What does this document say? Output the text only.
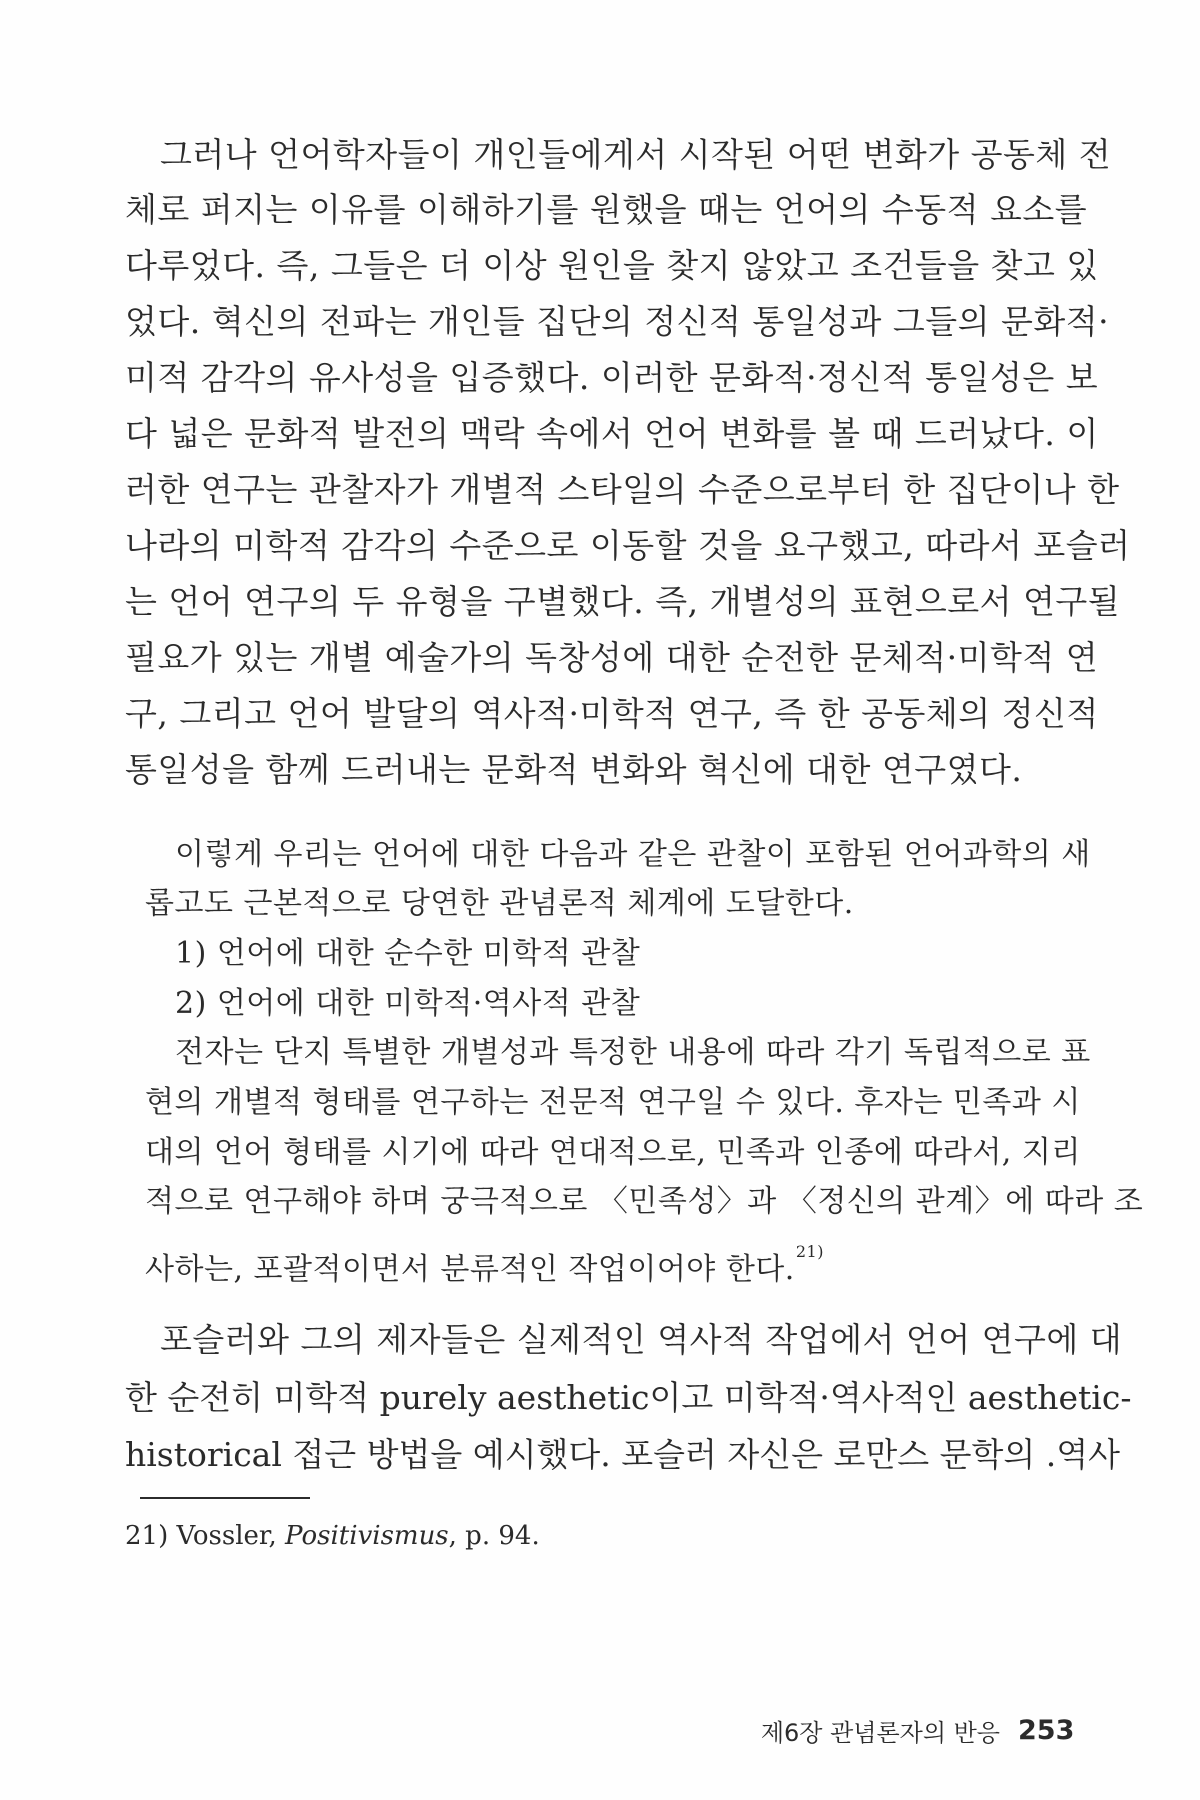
그러나 언어학자들이 개인들에게서 시작된 어떤 변화가 공동체 전
체로 퍼지는 이유를 이해하기를 원했을 때는 언어의 수동적 요소를
다루었다. 즉, 그들은 더 이상 원인을 찾지 않았고 조건들을 찾고 있
었다. 혁신의 전파는 개인들 집단의 정신적 통일성과 그들의 문화적·
미적 감각의 유사성을 입증했다. 이러한 문화적·정신적 통일성은 보
다 넓은 문화적 발전의 맥락 속에서 언어 변화를 볼 때 드러났다. 이
러한 연구는 관찰자가 개별적 스타일의 수준으로부터 한 집단이나 한
나라의 미학적 감각의 수준으로 이동할 것을 요구했고, 따라서 포슬러
는 언어 연구의 두 유형을 구별했다. 즉, 개별성의 표현으로서 연구될
필요가 있는 개별 예술가의 독창성에 대한 순전한 문체적·미학적 연
구, 그리고 언어 발달의 역사적·미학적 연구, 즉 한 공동체의 정신적
통일성을 함께 드러내는 문화적 변화와 혁신에 대한 연구였다.
이렇게 우리는 언어에 대한 다음과 같은 관찰이 포함된 언어과학의 새
롭고도 근본적으로 당연한 관념론적 체계에 도달한다.
1) 언어에 대한 순수한 미학적 관찰
2) 언어에 대한 미학적·역사적 관찰
전자는 단지 특별한 개별성과 특정한 내용에 따라 각기 독립적으로 표
현의 개별적 형태를 연구하는 전문적 연구일 수 있다. 후자는 민족과 시
대의 언어 형태를 시기에 따라 연대적으로, 민족과 인종에 따라서, 지리
적으로 연구해야 하며 궁극적으로 〈민족성〉과 〈정신의 관계〉에 따라 조
사하는, 포괄적이면서 분류적인 작업이어야 한다.$^{21)}$
포슬러와 그의 제자들은 실제적인 역사적 작업에서 언어 연구에 대
한 순전히 미학적 purely aesthetic이고 미학적·역사적인 aesthetic-
historical 접근 방법을 예시했다. 포슬러 자신은 로만스 문학의 .역사
21) Vossler, Positivismus, p. 94.
제6장 관념론자의 반응 253
